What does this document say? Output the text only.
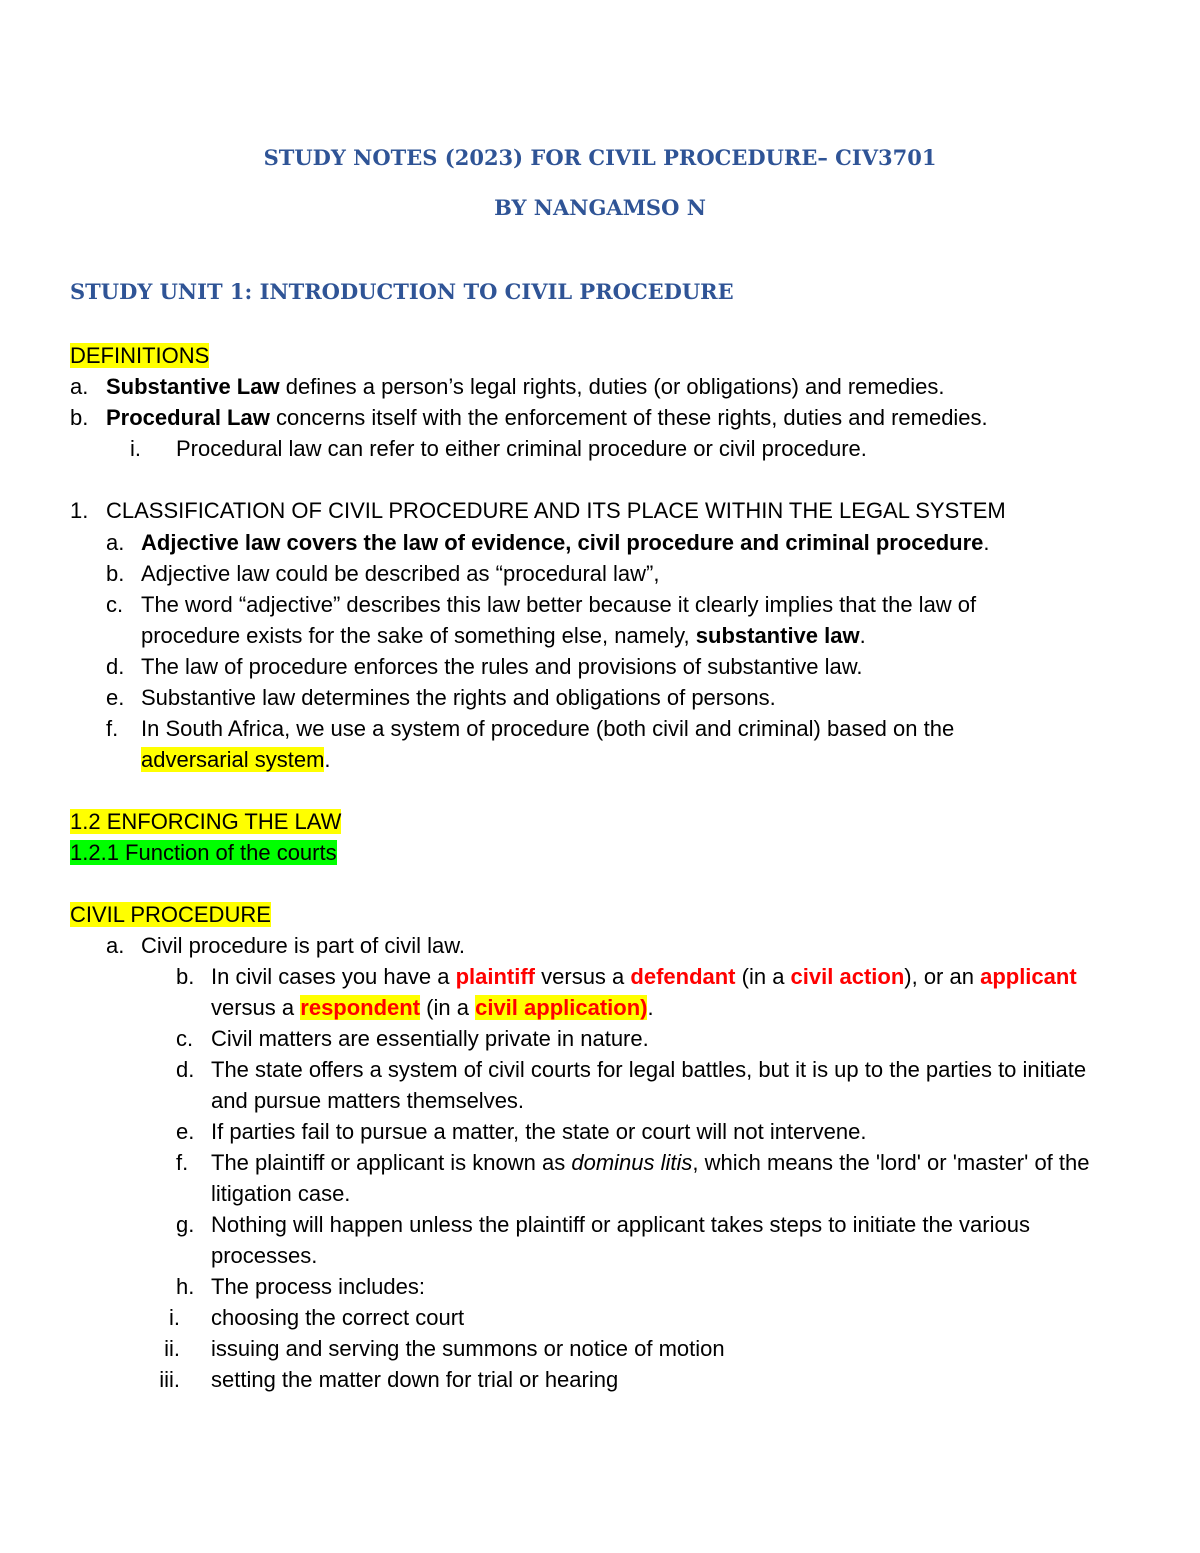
STUDY NOTES (2023) FOR CIVIL PROCEDURE– CIV3701
BY NANGAMSO N
STUDY UNIT 1: INTRODUCTION TO CIVIL PROCEDURE
DEFINITIONS
a. Substantive Law defines a person’s legal rights, duties (or obligations) and remedies.
b. Procedural Law concerns itself with the enforcement of these rights, duties and remedies.
i. Procedural law can refer to either criminal procedure or civil procedure.
1. CLASSIFICATION OF CIVIL PROCEDURE AND ITS PLACE WITHIN THE LEGAL SYSTEM
a. Adjective law covers the law of evidence, civil procedure and criminal procedure.
b. Adjective law could be described as “procedural law”,
c. The word “adjective” describes this law better because it clearly implies that the law of
procedure exists for the sake of something else, namely, substantive law.
d. The law of procedure enforces the rules and provisions of substantive law.
e. Substantive law determines the rights and obligations of persons.
f. In South Africa, we use a system of procedure (both civil and criminal) based on the
adversarial system.
1.2 ENFORCING THE LAW
1.2.1 Function of the courts
CIVIL PROCEDURE
a. Civil procedure is part of civil law.
b. In civil cases you have a plaintiff versus a defendant (in a civil action), or an applicant
versus a respondent (in a civil application).
c. Civil matters are essentially private in nature.
d. The state offers a system of civil courts for legal battles, but it is up to the parties to initiate
and pursue matters themselves.
e. If parties fail to pursue a matter, the state or court will not intervene.
f. The plaintiff or applicant is known as dominus litis, which means the 'lord' or 'master' of the
litigation case.
g. Nothing will happen unless the plaintiff or applicant takes steps to initiate the various
processes.
h. The process includes:
i. choosing the correct court
ii. issuing and serving the summons or notice of motion
iii. setting the matter down for trial or hearing
